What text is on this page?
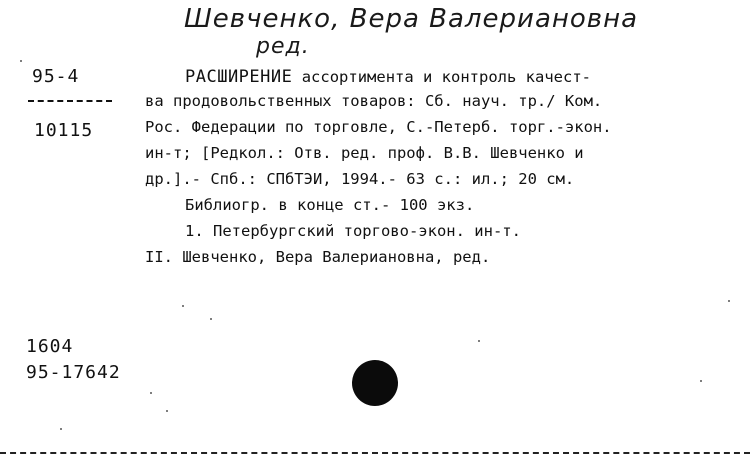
Шевченко, Вера Валериановна
ред.
95-4
10115
РАСШИРЕНИЕ ассортимента и контроль качест-
ва продовольственных товаров: Сб. науч. тр./ Ком.
Рос. Федерации по торговле, С.-Петерб. торг.-экон.
ин-т; [Редкол.: Отв. ред. проф. В.В. Шевченко и
др.].- Спб.: СПбТЭИ, 1994.- 63 с.: ил.; 20 см.
Библиогр. в конце ст.- 100 экз.
1. Петербургский торгово-экон. ин-т.
II. Шевченко, Вера Валериановна, ред.
1604
95-17642
